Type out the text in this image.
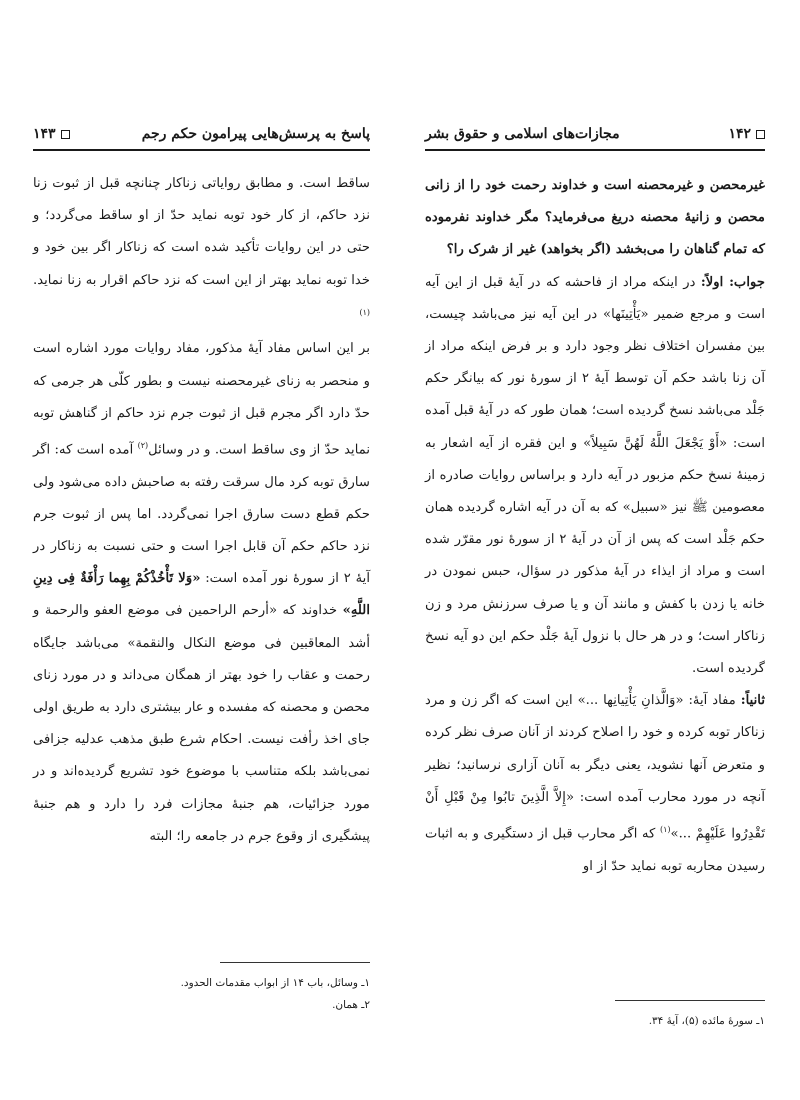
پاسخ به پرسش‌هایی پیرامون حکم رجم
۱۴۳

ساقط است. و مطابق روایاتی زناکار چنانچه قبل از ثبوت زنا نزد حاکم، از کار خود توبه نماید حدّ از او ساقط می‌گردد؛ و حتی در این روایات تأکید شده است که زناکار اگر بین خود و خدا توبه نماید بهتر از این است که نزد حاکم اقرار به زنا نماید.$^{(۱)}$

بر این اساس مفاد آیهٔ مذکور، مفاد روایات مورد اشاره است و منحصر به زنای غیرمحصنه نیست و بطور کلّی هر جرمی که حدّ دارد اگر مجرم قبل از ثبوت جرم نزد حاکم از گناهش توبه نماید حدّ از وی ساقط است. و در وسائل$^{(۲)}$ آمده است که: اگر سارق توبه کرد مال سرقت رفته به صاحبش داده می‌شود ولی حکم قطع دست سارق اجرا نمی‌گردد. اما پس از ثبوت جرم نزد حاکم حکم آن قابل اجرا است و حتی نسبت به زناکار در آیهٔ ۲ از سورهٔ نور آمده است: «وَلا تَأْخُذْکُمْ بِهِما رَأْفَةٌ فِی دِینِ اللَّهِ» خداوند که «أرحم الراحمین فی موضع العفو والرحمة و أشد المعاقبین فی موضع النکال والنقمة» می‌باشد جایگاه رحمت و عقاب را خود بهتر از همگان می‌داند و در مورد زنای محصن و محصنه که مفسده و عار بیشتری دارد به طریق اولی جای اخذ رأفت نیست. احکام شرع طبق مذهب عدلیه جزافی نمی‌باشد بلکه متناسب با موضوع خود تشریع گردیده‌اند و در مورد جزائیات، هم جنبهٔ مجازات فرد را دارد و هم جنبهٔ پیشگیری از وقوع جرم در جامعه را؛ البته

۱ـ وسائل، باب ۱۴ از ابواب مقدمات الحدود.
۲ـ همان.
۱۴۲
مجازات‌های اسلامی و حقوق بشر

غیرمحصن و غیرمحصنه است و خداوند رحمت خود را از زانی محصن و زانیهٔ محصنه دریغ می‌فرماید؟ مگر خداوند نفرموده که تمام گناهان را می‌بخشد (اگر بخواهد) غیر از شرک را؟

جواب: اولاً: در اینکه مراد از فاحشه که در آیهٔ قبل از این آیه است و مرجع ضمیر «یَأْتِینَها» در این آیه نیز می‌باشد چیست، بین مفسران اختلاف نظر وجود دارد و بر فرض اینکه مراد از آن زنا باشد حکم آن توسط آیهٔ ۲ از سورهٔ نور که بیانگر حکم جَلْد می‌باشد نسخ گردیده است؛ همان طور که در آیهٔ قبل آمده است: «أَوْ یَجْعَلَ اللَّهُ لَهُنَّ سَبِیلاً» و این فقره از آیه اشعار به زمینهٔ نسخ حکم مزبور در آیه دارد و براساس روایات صادره از معصومین ﷺ نیز «سبیل» که به آن در آیه اشاره گردیده همان حکم جَلْد است که پس از آن در آیهٔ ۲ از سورهٔ نور مقرّر شده است و مراد از ایذاء در آیهٔ مذکور در سؤال، حبس نمودن در خانه یا زدن با کفش و مانند آن و یا صرف سرزنش مرد و زن زناکار است؛ و در هر حال با نزول آیهٔ جَلْد حکم این دو آیه نسخ گردیده است.

ثانیاً: مفاد آیهٔ: «وَالَّذانِ یَأْتِیانِها ...» این است که اگر زن و مرد زناکار توبه کرده و خود را اصلاح کردند از آنان صرف نظر کرده و متعرض آنها نشوید، یعنی دیگر به آنان آزاری نرسانید؛ نظیر آنچه در مورد محارب آمده است: «إِلاَّ الَّذِینَ تابُوا مِنْ قَبْلِ أَنْ تَقْدِرُوا عَلَیْهِمْ ...»$^{(۱)}$ که اگر محارب قبل از دستگیری و به اثبات رسیدن محاربه توبه نماید حدّ از او

۱ـ سورهٔ مائده (۵)، آیهٔ ۳۴.
